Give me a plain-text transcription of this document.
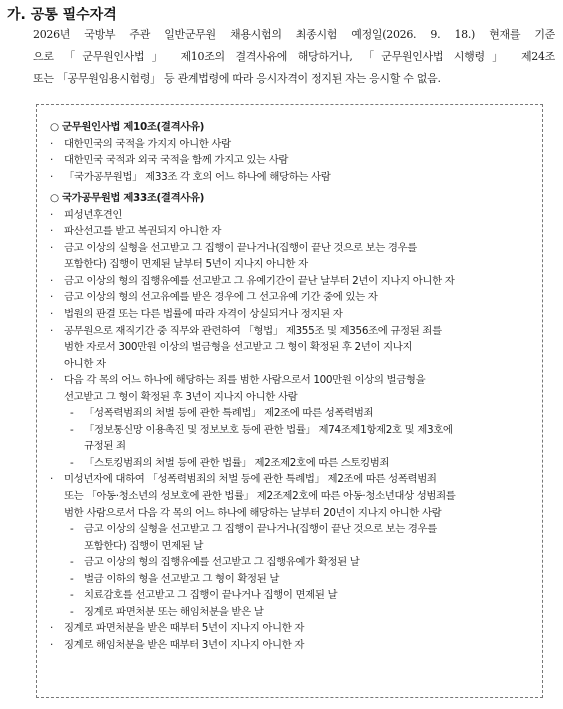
가. 공통 필수자격
2026년 국방부 주관 일반군무원 채용시험의 최종시험 예정일(2026. 9. 18.) 현재를 기준
으로 「군무원인사법」 제10조의 결격사유에 해당하거나, 「군무원인사법 시행령」 제24조
또는 「공무원임용시험령」 등 관계법령에 따라 응시자격이 정지된 자는 응시할 수 없음.
○ 군무원인사법 제10조(결격사유)
· 대한민국의 국적을 가지지 아니한 사람
· 대한민국 국적과 외국 국적을 함께 가지고 있는 사람
· 「국가공무원법」 제33조 각 호의 어느 하나에 해당하는 사람
○ 국가공무원법 제33조(결격사유)
· 피성년후견인
· 파산선고를 받고 복권되지 아니한 자
· 금고 이상의 실형을 선고받고 그 집행이 끝나거나(집행이 끝난 것으로 보는 경우를
포함한다) 집행이 면제된 날부터 5년이 지나지 아니한 자
· 금고 이상의 형의 집행유예를 선고받고 그 유예기간이 끝난 날부터 2년이 지나지 아니한 자
· 금고 이상의 형의 선고유예를 받은 경우에 그 선고유예 기간 중에 있는 자
· 법원의 판결 또는 다른 법률에 따라 자격이 상실되거나 정지된 자
· 공무원으로 재직기간 중 직무와 관련하여 「형법」 제355조 및 제356조에 규정된 죄를
범한 자로서 300만원 이상의 벌금형을 선고받고 그 형이 확정된 후 2년이 지나지
아니한 자
· 다음 각 목의 어느 하나에 해당하는 죄를 범한 사람으로서 100만원 이상의 벌금형을
선고받고 그 형이 확정된 후 3년이 지나지 아니한 사람
- 「성폭력범죄의 처벌 등에 관한 특례법」 제2조에 따른 성폭력범죄
- 「정보통신망 이용촉진 및 정보보호 등에 관한 법률」 제74조제1항제2호 및 제3호에
규정된 죄
- 「스토킹범죄의 처벌 등에 관한 법률」 제2조제2호에 따른 스토킹범죄
· 미성년자에 대하여 「성폭력범죄의 처벌 등에 관한 특례법」 제2조에 따른 성폭력범죄
또는 「아동·청소년의 성보호에 관한 법률」 제2조제2호에 따른 아동·청소년대상 성범죄를
범한 사람으로서 다음 각 목의 어느 하나에 해당하는 날부터 20년이 지나지 아니한 사람
- 금고 이상의 실형을 선고받고 그 집행이 끝나거나(집행이 끝난 것으로 보는 경우를
포함한다) 집행이 면제된 날
- 금고 이상의 형의 집행유예를 선고받고 그 집행유예가 확정된 날
- 벌금 이하의 형을 선고받고 그 형이 확정된 날
- 치료감호를 선고받고 그 집행이 끝나거나 집행이 면제된 날
- 징계로 파면처분 또는 해임처분을 받은 날
· 징계로 파면처분을 받은 때부터 5년이 지나지 아니한 자
· 징계로 해임처분을 받은 때부터 3년이 지나지 아니한 자
